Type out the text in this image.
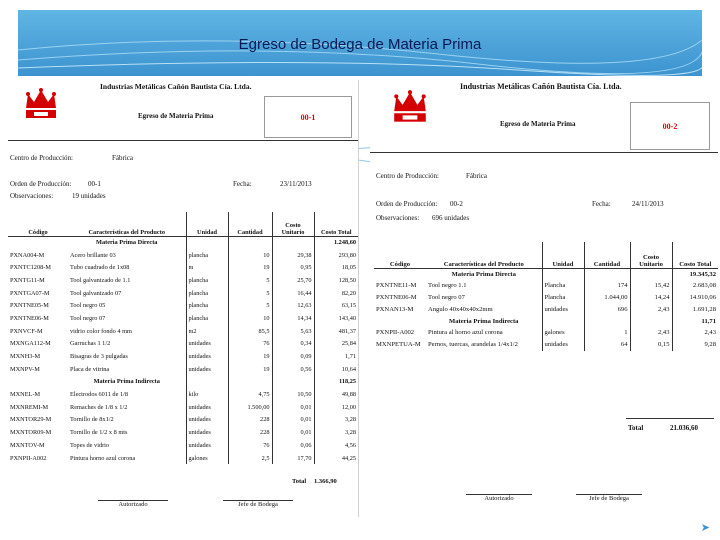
Egreso de Bodega de Materia Prima
Industrias Metálicas Cañón Bautista Cía. Ltda.
Egreso de Materia Prima	00-1
Centro de Producción:	Fábrica
Orden de Producción: 00-1	Fecha:	23/11/2013
Observaciones:	19 unidades
Código	Características del Producto	Unidad	Cantidad	Costo Unitario	Costo Total
	Materia Prima Directa				1.248,60
PXNA004-M	Acero brillante 03	plancha	10	29,38	293,80
PXNTC1208-M	Tubo cuadrado de 1x08	m	19	0,95	18,05
PXNTG11-M	Tool galvanizado de 1.1	plancha	5	25,70	128,50
PXNTGA07-M	Tool galvanizado 07	plancha	5	16,44	82,20
PXNTNE05-M	Tool negro 05	plancha	5	12,63	63,15
PXNTNE06-M	Tool negro 07	plancha	10	14,34	143,40
PXNVCF-M	vidrio color fondo 4 mm	m2	85,5	5,63	481,37
MXNGA112-M	Garruchas 1 1/2	unidades	76	0,34	25,84
MXNH3-M	Bisagras de 3 pulgadas	unidades	19	0,09	1,71
MXNPV-M	Placa de vitrina	unidades	19	0,56	10,64
	Materia Prima Indirecta				118,25
MXNEL-M	Electrodos 6011 de 1/8	kilo	4,75	10,50	49,88
MXNREMI-M	Remaches de 1/8 x 1/2	unidades	1.500,00	0,01	12,00
MXNTOR29-M	Tornillo de 8x1/2	unidades	228	0,01	3,28
MXNTOR09-M	Tornillo de 1/2 x 8 mts	unidades	228	0,01	3,28
MXNTOV-M	Topes de vidrio	unidades	76	0,06	4,56
PXNPII-A002	Pintura horno azul corona	galones	2,5	17,70	44,25
Total 1.366,90
Autorizado	Jefe de Bodega
Industrias Metálicas Cañón Bautista Cía. Ltda.
Egreso de Materia Prima	00-2
Centro de Producción:	Fábrica
Orden de Producción: 00-2	Fecha:	24/11/2013
Observaciones: 696 unidades
Código	Características del Producto	Unidad	Cantidad	Costo Unitario	Costo Total
	Materia Prima Directa				19.345,32
PXNTNE11-M	Tool negro 1.1	Plancha	174	15,42	2.683,08
PXNTNE06-M	Tool negro 07	Plancha	1.044,00	14,24	14.910,06
PXNAN13-M	Angulo 40x40x40x2mm	unidades	696	2,43	1.691,28
	Materia Prima Indirecta				11,71
PXNPII-A002	Pintura al horno azul corona	galones	1	2,43	2,43
MXNPETUA-M	Pernos, tuercas, arandelas 1/4x1/2	unidades	64	0,15	9,28
Total	21.036,60
Autorizado	Jefe de Bodega
➤
